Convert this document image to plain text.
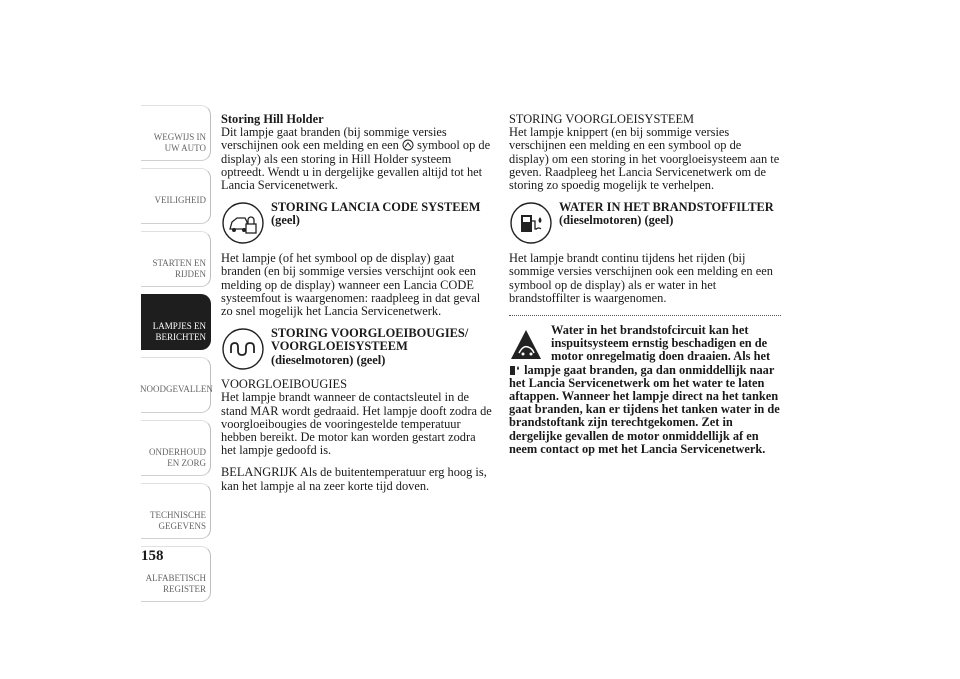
WEGWIJS IN UW AUTO
VEILIGHEID
STARTEN EN RIJDEN
LAMPJES EN BERICHTEN
NOODGEVALLEN
ONDERHOUD EN ZORG
TECHNISCHE GEGEVENS
ALFABETISCH REGISTER
158

Storing Hill Holder

Dit lampje gaat branden (bij sommige versies verschijnen ook een melding en een symbool op de display) als een storing in Hill Holder systeem optreedt. Wendt u in dergelijke gevallen altijd tot het Lancia Servicenetwerk.

STORING LANCIA CODE SYSTEEM (geel)

Het lampje (of het symbool op de display) gaat branden (en bij sommige versies verschijnt ook een melding op de display) wanneer een Lancia CODE systeemfout is waargenomen: raadpleeg in dat geval zo snel mogelijk het Lancia Servicenetwerk.

STORING VOORGLOEIBOUGIES/ VOORGLOEISYSTEEM (dieselmotoren) (geel)

VOORGLOEIBOUGIES

Het lampje brandt wanneer de contactsleutel in de stand MAR wordt gedraaid. Het lampje dooft zodra de voorgloeibougies de vooringestelde temperatuur hebben bereikt. De motor kan worden gestart zodra het lampje gedoofd is.

BELANGRIJK Als de buitentemperatuur erg hoog is, kan het lampje al na zeer korte tijd doven.

STORING VOORGLOEISYSTEEM

Het lampje knippert (en bij sommige versies verschijnen een melding en een symbool op de display) om een storing in het voorgloeisysteem aan te geven. Raadpleeg het Lancia Servicenetwerk om de storing zo spoedig mogelijk te verhelpen.

WATER IN HET BRANDSTOFFILTER (dieselmotoren) (geel)

Het lampje brandt continu tijdens het rijden (bij sommige versies verschijnen ook een melding en een symbool op de display) als er water in het brandstoffilter is waargenomen.

Water in het brandstofcircuit kan het inspuitsysteem ernstig beschadigen en de motor onregelmatig doen draaien. Als het  lampje gaat branden, ga dan onmiddellijk naar het Lancia Servicenetwerk om het water te laten aftappen. Wanneer het lampje direct na het tanken gaat branden, kan er tijdens het tanken water in de brandstoftank zijn terechtgekomen. Zet in dergelijke gevallen de motor onmiddellijk af en neem contact op met het Lancia Servicenetwerk.
